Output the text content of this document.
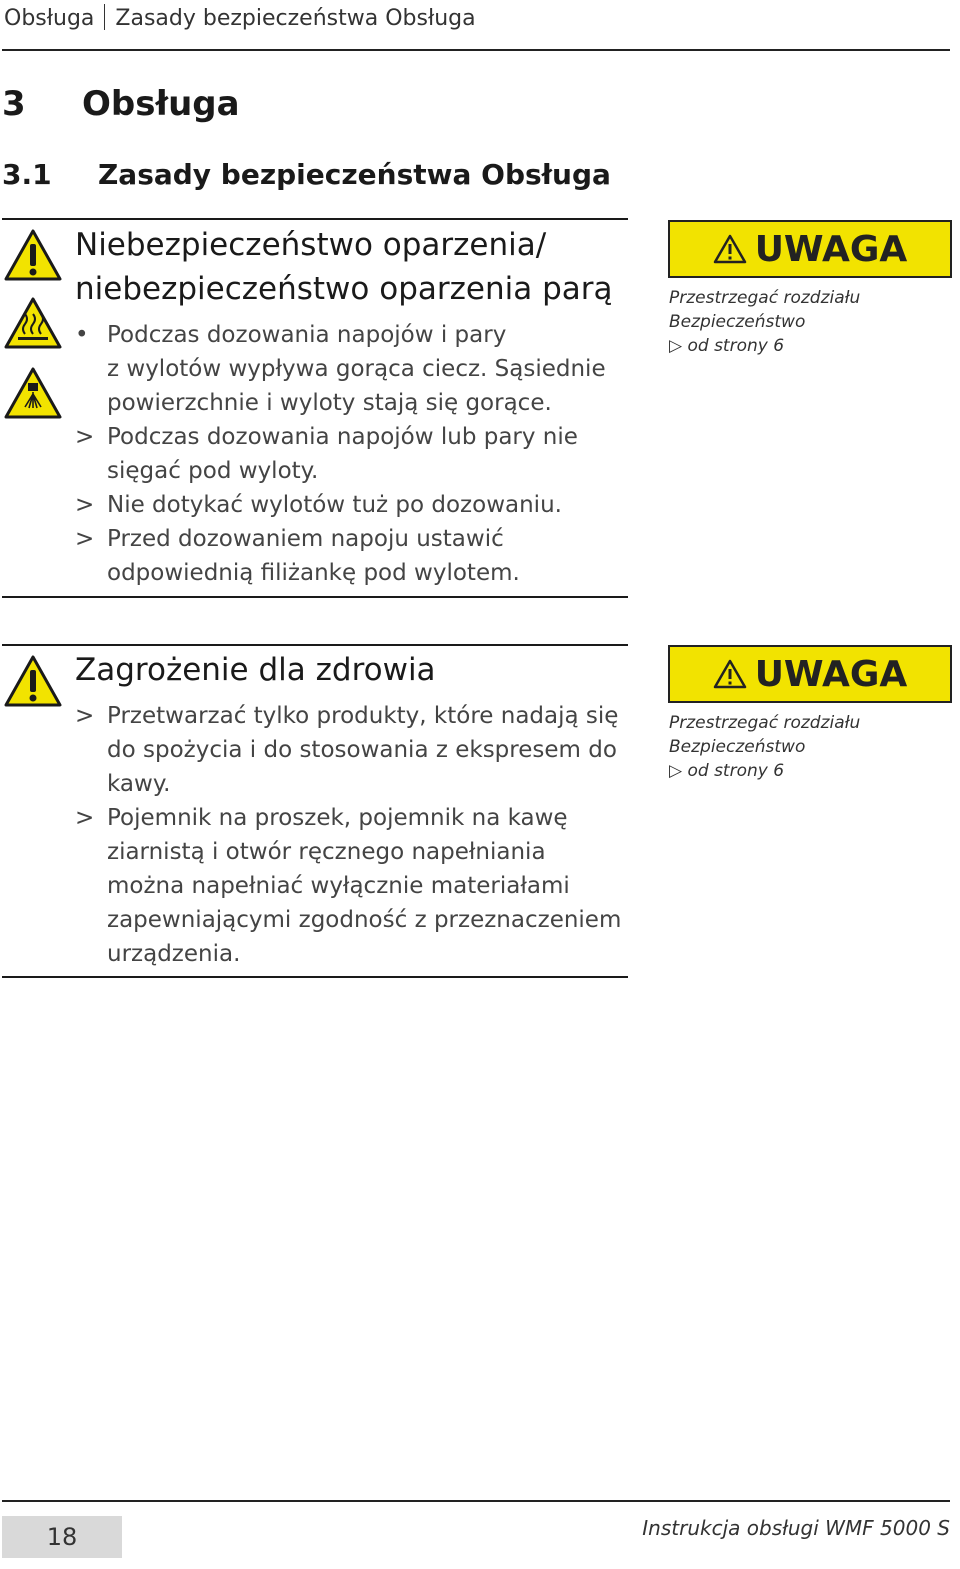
Obsługa Zasady bezpieczeństwa Obsługa
3 Obsługa
3.1 Zasady bezpieczeństwa Obsługa
Niebezpieczeństwo oparzenia/
niebezpieczeństwo oparzenia parą
• Podczas dozowania napojów i pary
z wylotów wypływa gorąca ciecz. Sąsiednie
powierzchnie i wyloty stają się gorące.
> Podczas dozowania napojów lub pary nie
sięgać pod wyloty.
> Nie dotykać wylotów tuż po dozowaniu.
> Przed dozowaniem napoju ustawić
odpowiednią filiżankę pod wylotem.
UWAGA
Przestrzegać rozdziału
Bezpieczeństwo
▷ od strony 6
Zagrożenie dla zdrowia
> Przetwarzać tylko produkty, które nadają się
do spożycia i do stosowania z ekspresem do
kawy.
> Pojemnik na proszek, pojemnik na kawę
ziarnistą i otwór ręcznego napełniania
można napełniać wyłącznie materiałami
zapewniającymi zgodność z przeznaczeniem
urządzenia.
UWAGA
Przestrzegać rozdziału
Bezpieczeństwo
▷ od strony 6
18	Instrukcja obsługi WMF 5000 S
